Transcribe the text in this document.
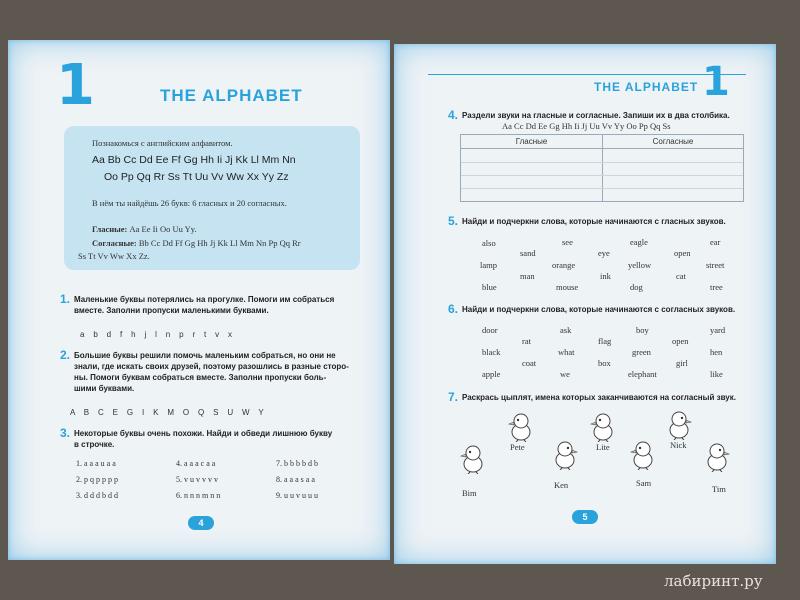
1	THE ALPHABET
Познакомься с английским алфавитом.
Aa Bb Cc Dd Ee Ff Gg Hh Ii Jj Kk Ll Mm Nn
Oo Pp Qq Rr Ss Tt Uu Vv Ww Xx Yy Zz
В нём ты найдёшь 26 букв: 6 гласных и 20 согласных.
Гласные: Aa Ee Ii Oo Uu Yy.
Согласные: Bb Cc Dd Ff Gg Hh Jj Kk Ll Mm Nn Pp Qq Rr
Ss Tt Vv Ww Xx Zz.
1. Маленькие буквы потерялись на прогулке. Помоги им собраться
вместе. Заполни пропуски маленькими буквами.
a    b    d    f    h    j    l    n    p    r    t    v    x
2. Большие буквы решили помочь маленьким собраться, но они не
знали, где искать своих друзей, поэтому разошлись в разные сторо-
ны. Помоги буквам собраться вместе. Заполни пропуски боль-
шими буквами.
A    B    C    E    G    I    K    M    O    Q    S    U    W    Y
3. Некоторые буквы очень похожи. Найди и обведи лишнюю букву
в строчке.
1. a a a u a a	4. a a a c a a	7. b b b b d b
2. p q p p p p	5. v u v v v v	8. a a a s a a
3. d d d b d d	6. n n n m n n	9. u u v u u u
4
THE ALPHABET 1
4. Раздели звуки на гласные и согласные. Запиши их в два столбика.
Aa Cc Dd Ee Gg Hh Ii Jj Uu Vv Yy Oo Pp Qq Ss
Гласные	Согласные
5. Найди и подчеркни слова, которые начинаются с гласных звуков.
also	see	eagle	ear
sand	eye	open
lamp	orange	yellow	street
man	ink	cat
blue	mouse	dog	tree
6. Найди и подчеркни слова, которые начинаются с согласных звуков.
door	ask	boy	yard
rat	flag	open
black	what	green	hen
coat	box	girl
apple	we	elephant	like
7. Раскрась цыплят, имена которых заканчиваются на согласный звук.
Pete	Lite	Nick
Bim
Ken	Sam
Tim
5
лабиринт.ру
